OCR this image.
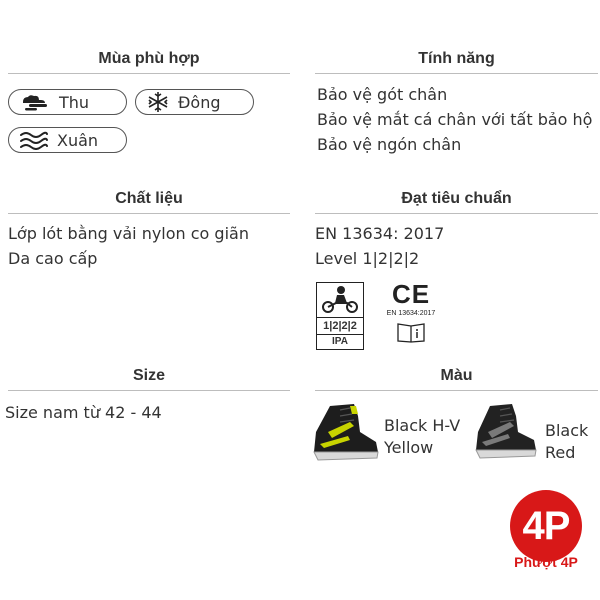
Mùa phù hợp
Thu	Đông
Xuân
Tính năng
Bảo vệ gót chân
Bảo vệ mắt cá chân với tất bảo hộ
Bảo vệ ngón chân
Chất liệu
Lớp lót bằng vải nylon co giãn
Da cao cấp
Đạt tiêu chuẩn
EN 13634: 2017
Level 1|2|2|2
1|2|2|2
IPA
CE
EN 13634:2017
Size
Size nam từ 42 - 44
Màu
Black H-V
Yellow
Black
Red
4P
Phượt 4P
